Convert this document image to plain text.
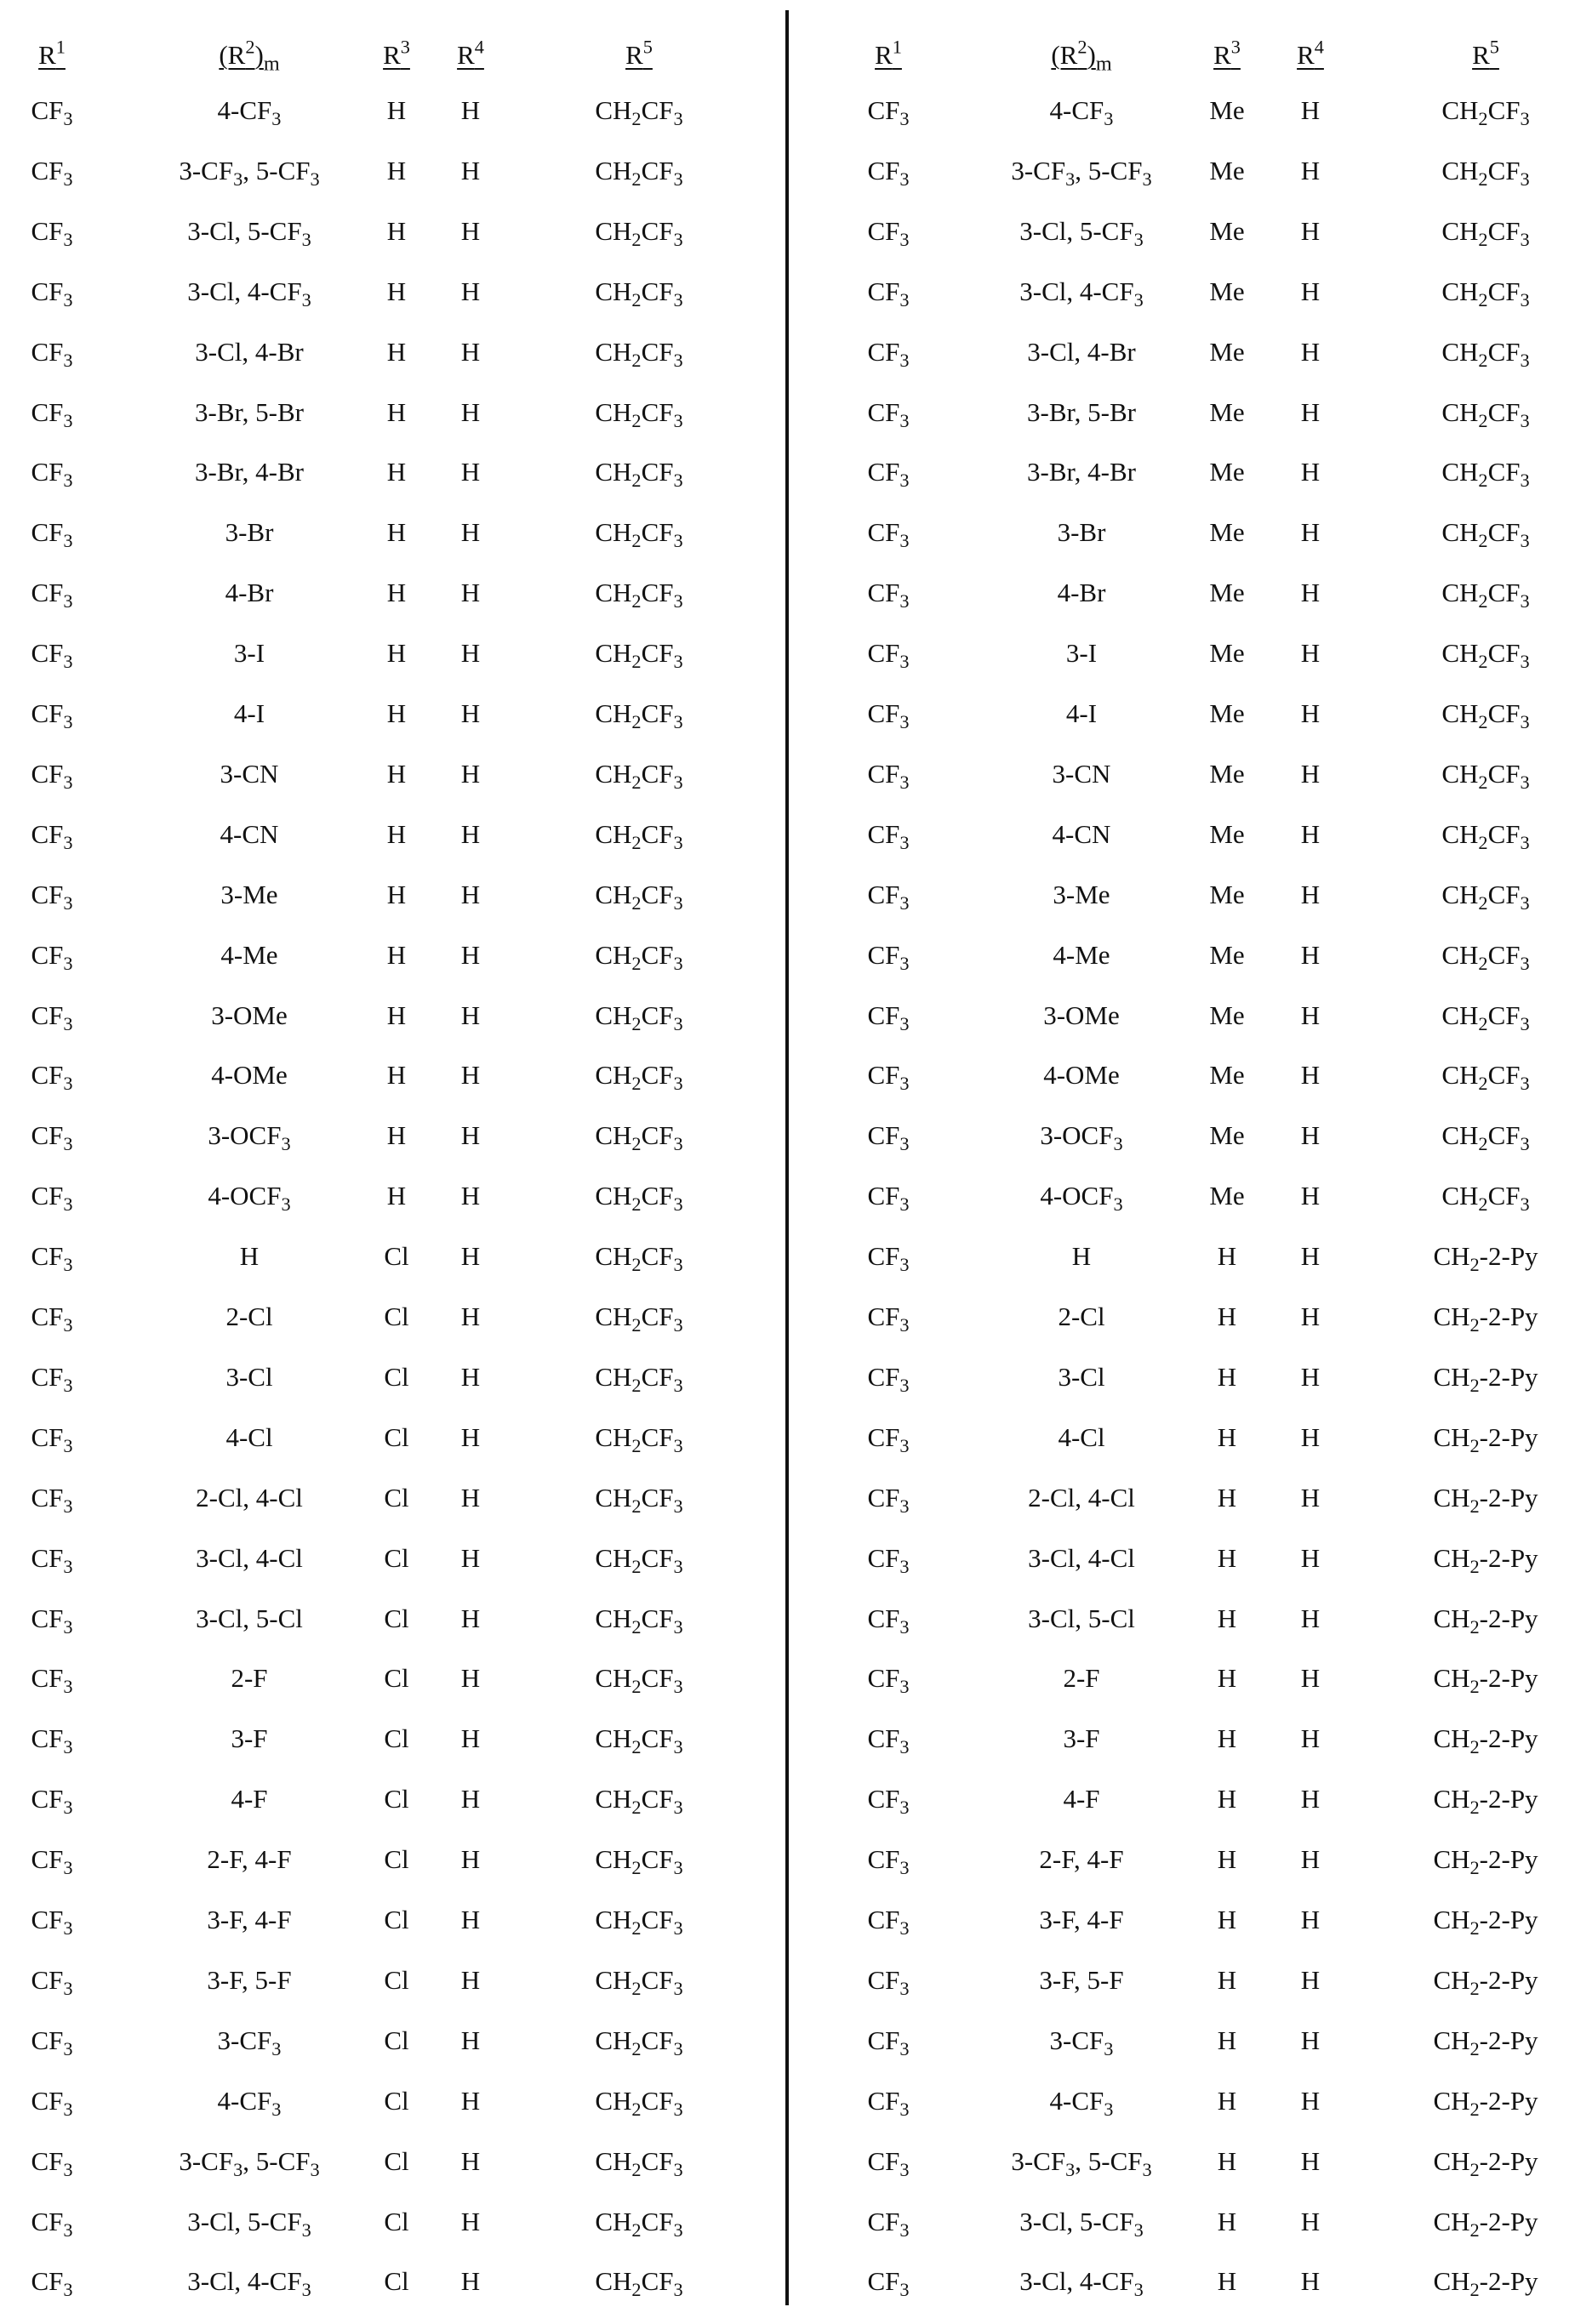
$R^1$	$(R^2)_m$	$R^3$ $R^4$	$R^5$
$CF_3$	$4-CF_3$	H H	$CH_2CF_3$
$CF_3$	$3-CF_3$, $5-CF_3$	H H	$CH_2CF_3$
$CF_3$	3-Cl, $5-CF_3$	H H	$CH_2CF_3$
$CF_3$	3-Cl, $4-CF_3$	H H	$CH_2CF_3$
$CF_3$	3-Cl, 4-Br	H H	$CH_2CF_3$
$CF_3$	3-Br, 5-Br	H H	$CH_2CF_3$
$CF_3$	3-Br, 4-Br	H H	$CH_2CF_3$
$CF_3$	3-Br	H H	$CH_2CF_3$
$CF_3$	4-Br	H H	$CH_2CF_3$
$CF_3$	3-I	H H	$CH_2CF_3$
$CF_3$	4-I	H H	$CH_2CF_3$
$CF_3$	3-CN	H H	$CH_2CF_3$
$CF_3$	4-CN	H H	$CH_2CF_3$
$CF_3$	3-Me	H H	$CH_2CF_3$
$CF_3$	4-Me	H H	$CH_2CF_3$
$CF_3$	3-OMe	H H	$CH_2CF_3$
$CF_3$	4-OMe	H H	$CH_2CF_3$
$CF_3$	$3-OCF_3$	H H	$CH_2CF_3$
$CF_3$	$4-OCF_3$	H H	$CH_2CF_3$
$CF_3$	H	Cl H	$CH_2CF_3$
$CF_3$	2-Cl	Cl H	$CH_2CF_3$
$CF_3$	3-Cl	Cl H	$CH_2CF_3$
$CF_3$	4-Cl	Cl H	$CH_2CF_3$
$CF_3$	2-Cl, 4-Cl	Cl H	$CH_2CF_3$
$CF_3$	3-Cl, 4-Cl	Cl H	$CH_2CF_3$
$CF_3$	3-Cl, 5-Cl	Cl H	$CH_2CF_3$
$CF_3$	2-F	Cl H	$CH_2CF_3$
$CF_3$	3-F	Cl H	$CH_2CF_3$
$CF_3$	4-F	Cl H	$CH_2CF_3$
$CF_3$	2-F, 4-F	Cl H	$CH_2CF_3$
$CF_3$	3-F, 4-F	Cl H	$CH_2CF_3$
$CF_3$	3-F, 5-F	Cl H	$CH_2CF_3$
$CF_3$	$3-CF_3$	Cl H	$CH_2CF_3$
$CF_3$	$4-CF_3$	Cl H	$CH_2CF_3$
$CF_3$	$3-CF_3$, $5-CF_3$ Cl H	$CH_2CF_3$
$CF_3$	3-Cl, $5-CF_3$	Cl H	$CH_2CF_3$
$CF_3$	3-Cl, $4-CF_3$	Cl H	$CH_2CF_3$
$R^1$	$(R^2)_m$	$R^3$ $R^4$	$R^5$
$CF_3$	$4-CF_3$	Me H	$CH_2CF_3$
$CF_3$	$3-CF_3$, $5-CF_3$ Me H	$CH_2CF_3$
$CF_3$	3-Cl, $5-CF_3$	Me H	$CH_2CF_3$
$CF_3$	3-Cl, $4-CF_3$	Me H	$CH_2CF_3$
$CF_3$	3-Cl, 4-Br	Me H	$CH_2CF_3$
$CF_3$	3-Br, 5-Br	Me H	$CH_2CF_3$
$CF_3$	3-Br, 4-Br	Me H	$CH_2CF_3$
$CF_3$	3-Br	Me H	$CH_2CF_3$
$CF_3$	4-Br	Me H	$CH_2CF_3$
$CF_3$	3-I	Me H	$CH_2CF_3$
$CF_3$	4-I	Me H	$CH_2CF_3$
$CF_3$	3-CN	Me H	$CH_2CF_3$
$CF_3$	4-CN	Me H	$CH_2CF_3$
$CF_3$	3-Me	Me H	$CH_2CF_3$
$CF_3$	4-Me	Me H	$CH_2CF_3$
$CF_3$	3-OMe	Me H	$CH_2CF_3$
$CF_3$	4-OMe	Me H	$CH_2CF_3$
$CF_3$	$3-OCF_3$	Me H	$CH_2CF_3$
$CF_3$	$4-OCF_3$	Me H	$CH_2CF_3$
$CF_3$	H	H H	$CH_2-2-Py$
$CF_3$	2-Cl	H H	$CH_2-2-Py$
$CF_3$	3-Cl	H H	$CH_2-2-Py$
$CF_3$	4-Cl	H H	$CH_2-2-Py$
$CF_3$	2-Cl, 4-Cl	H H	$CH_2-2-Py$
$CF_3$	3-Cl, 4-Cl	H H	$CH_2-2-Py$
$CF_3$	3-Cl, 5-Cl	H H	$CH_2-2-Py$
$CF_3$	2-F	H H	$CH_2-2-Py$
$CF_3$	3-F	H H	$CH_2-2-Py$
$CF_3$	4-F	H H	$CH_2-2-Py$
$CF_3$	2-F, 4-F	H H	$CH_2-2-Py$
$CF_3$	3-F, 4-F	H H	$CH_2-2-Py$
$CF_3$	3-F, 5-F	H H	$CH_2-2-Py$
$CF_3$	$3-CF_3$	H H	$CH_2-2-Py$
$CF_3$	$4-CF_3$	H H	$CH_2-2-Py$
$CF_3$	$3-CF_3$, $5-CF_3$ H H	$CH_2-2-Py$
$CF_3$	3-Cl, $5-CF_3$	H H	$CH_2-2-Py$
$CF_3$	3-Cl, $4-CF_3$	H H	$CH_2-2-Py$
